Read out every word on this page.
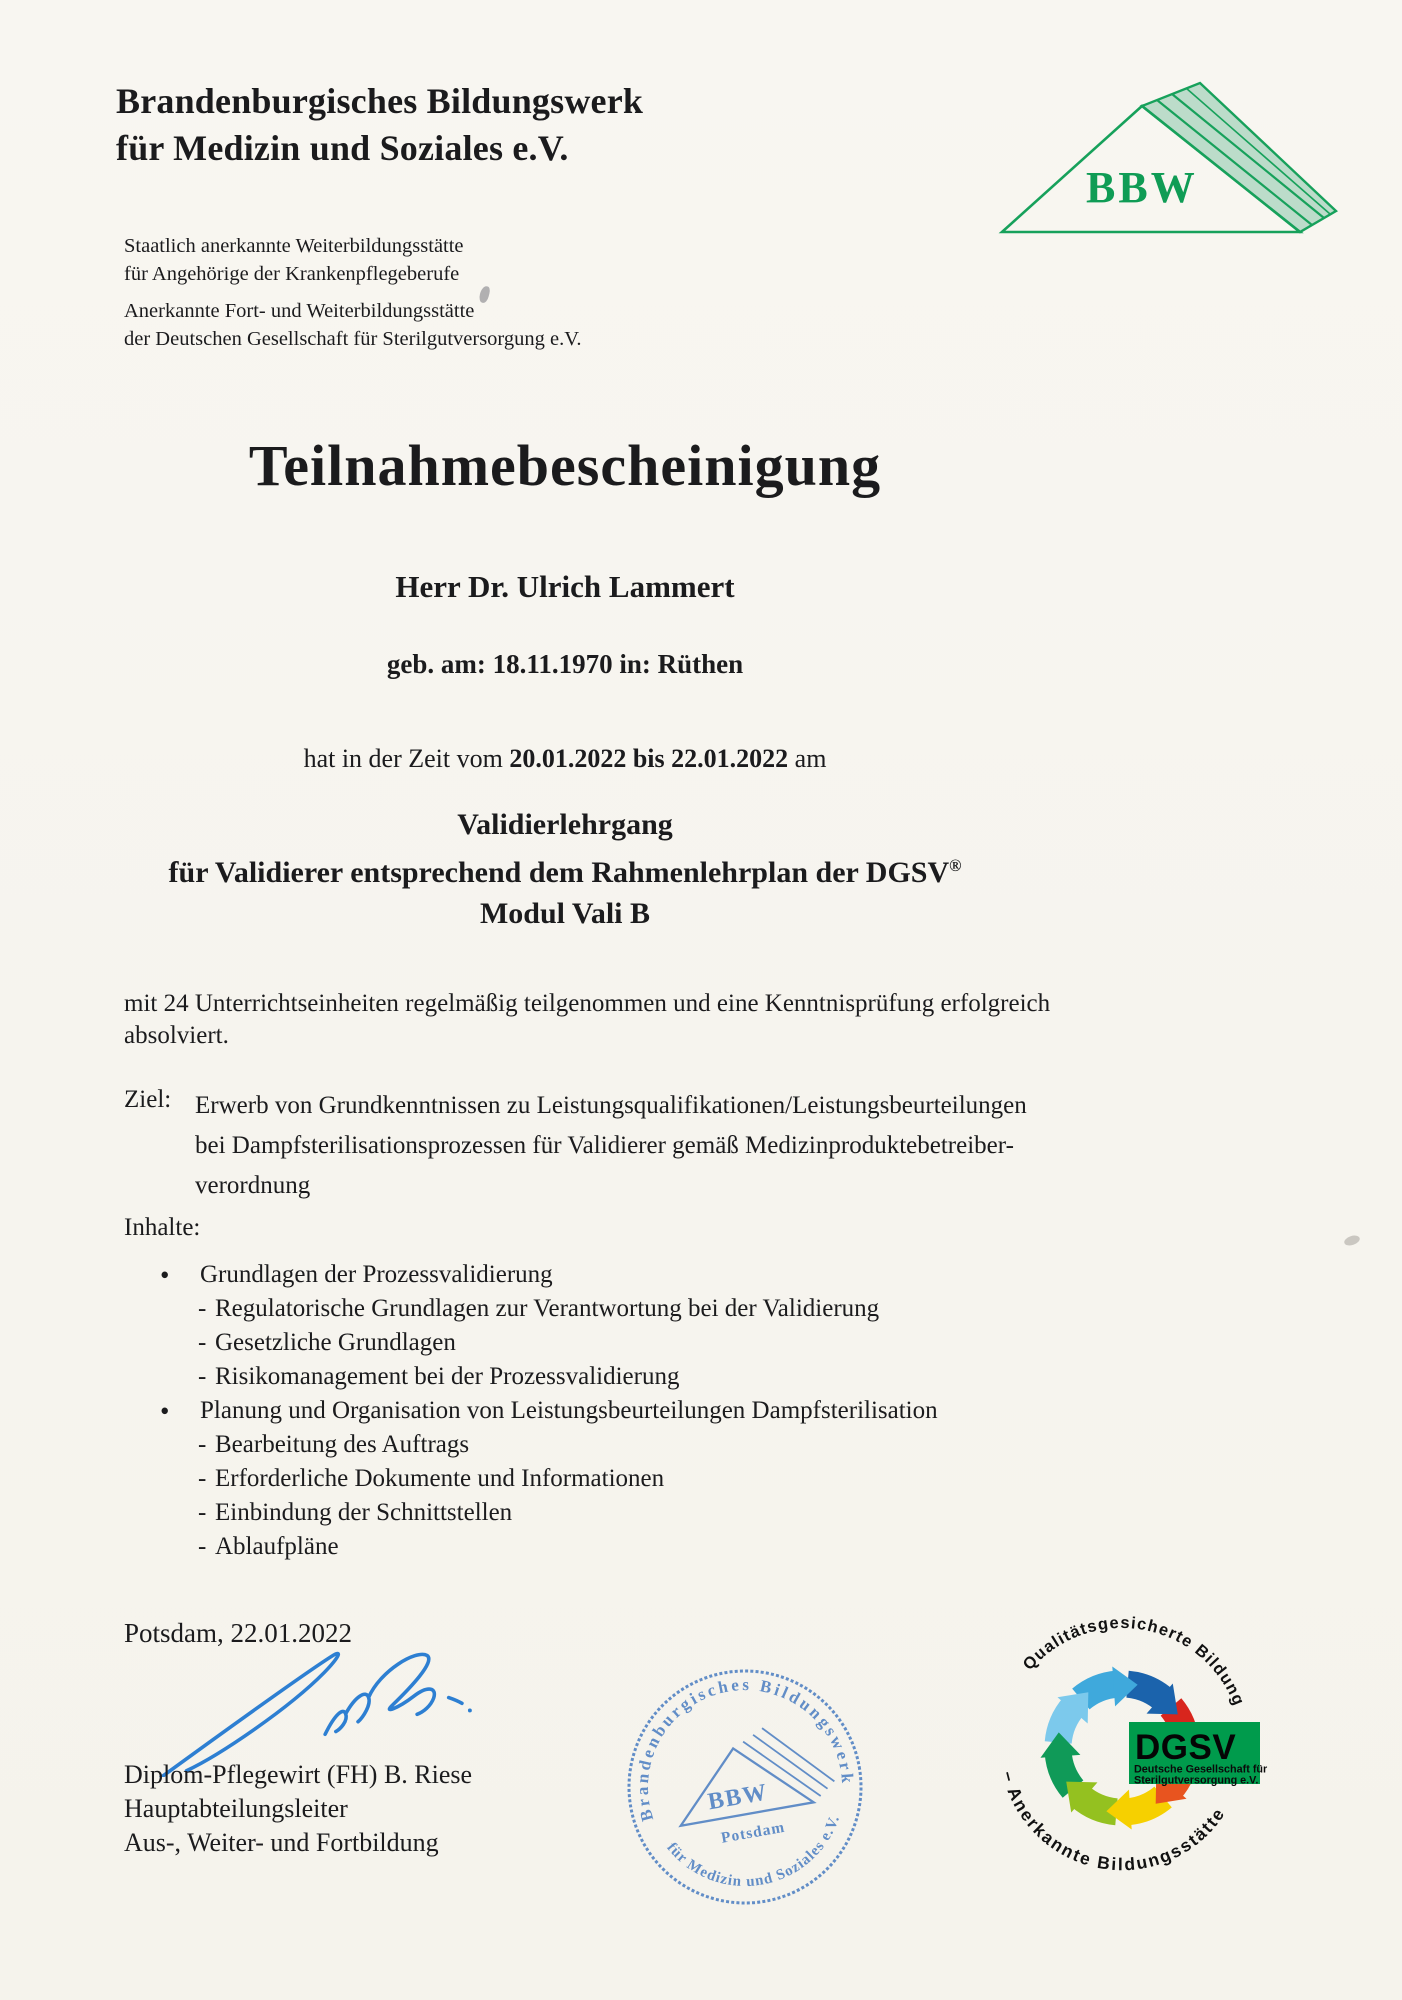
Brandenburgisches Bildungswerk
für Medizin und Soziales e.V.
Staatlich anerkannte Weiterbildungsstätte
für Angehörige der Krankenpflegeberufe
Anerkannte Fort- und Weiterbildungsstätte
der Deutschen Gesellschaft für Sterilgutversorgung e.V.
BBW
Teilnahmebescheinigung
Herr Dr. Ulrich Lammert
geb. am: 18.11.1970 in: Rüthen
hat in der Zeit vom 20.01.2022 bis 22.01.2022 am
Validierlehrgang
für Validierer entsprechend dem Rahmenlehrplan der DGSV®
Modul Vali B
mit 24 Unterrichtseinheiten regelmäßig teilgenommen und eine Kenntnisprüfung erfolgreich
absolviert.
Ziel: Erwerb von Grundkenntnissen zu Leistungsqualifikationen/Leistungsbeurteilungen
bei Dampfsterilisationsprozessen für Validierer gemäß Medizinproduktebetreiber-
verordnung
Inhalte:
•	Grundlagen der Prozessvalidierung
- Regulatorische Grundlagen zur Verantwortung bei der Validierung
- Gesetzliche Grundlagen
- Risikomanagement bei der Prozessvalidierung
•	Planung und Organisation von Leistungsbeurteilungen Dampfsterilisation
- Bearbeitung des Auftrags
- Erforderliche Dokumente und Informationen
- Einbindung der Schnittstellen
- Ablaufpläne
Potsdam, 22.01.2022
Diplom-Pflegewirt (FH) B. Riese
Hauptabteilungsleiter
Aus-, Weiter- und Fortbildung
Brandenburgisches Bildungswerk
für Medizin und Soziales e.V.
BBW
Potsdam
DGSV
Deutsche Gesellschaft für
Sterilgutversorgung e.V.
Qualitätsgesicherte Bildung
– Anerkannte Bildungsstätte
